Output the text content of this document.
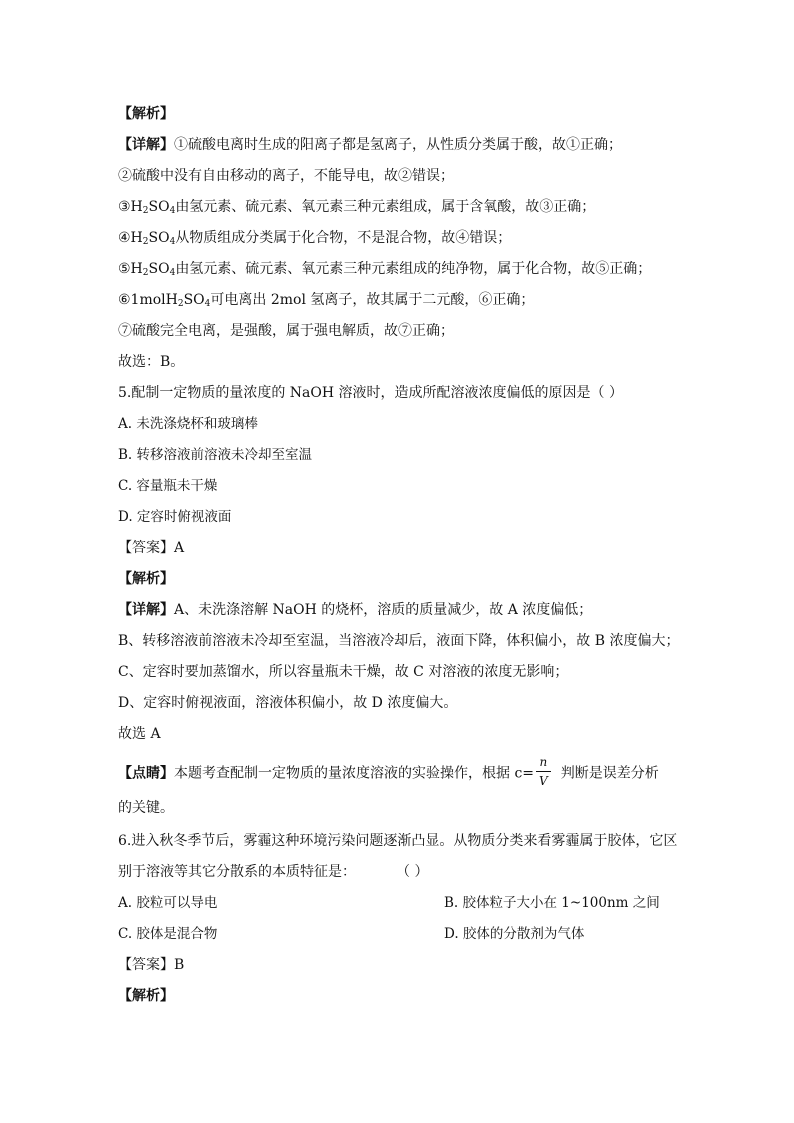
【解析】
【详解】①硫酸电离时生成的阳离子都是氢离子，从性质分类属于酸，故①正确；
②硫酸中没有自由移动的离子，不能导电，故②错误；
$③H_2SO_4$由氢元素、硫元素、氧元素三种元素组成，属于含氧酸，故③正确；
$④H_2SO_4$从物质组成分类属于化合物，不是混合物，故④错误；
$⑤H_2SO_4$由氢元素、硫元素、氧元素三种元素组成的纯净物，属于化合物，故⑤正确；
$⑥1molH_2SO_4$可电离出 2mol 氢离子，故其属于二元酸，⑥正确；
⑦硫酸完全电离，是强酸，属于强电解质，故⑦正确；
故选：B。
5.配制一定物质的量浓度的 NaOH 溶液时，造成所配溶液浓度偏低的原因是（ ）
A. 未洗涤烧杯和玻璃棒
B. 转移溶液前溶液未冷却至室温
C. 容量瓶未干燥
D. 定容时俯视液面
【答案】A
【解析】
【详解】A、未洗涤溶解 NaOH 的烧杯，溶质的质量减少，故 A 浓度偏低；
B、转移溶液前溶液未冷却至室温，当溶液冷却后，液面下降，体积偏小，故 B 浓度偏大；
C、定容时要加蒸馏水，所以容量瓶未干燥，故 C 对溶液的浓度无影响；
D、定容时俯视液面，溶液体积偏小，故 D 浓度偏大。
故选 A
【点睛】本题考查配制一定物质的量浓度溶液的实验操作，根据 $c= \frac{n}{V}$ 判断是误差分析
的关键。
6.进入秋冬季节后，雾霾这种环境污染问题逐渐凸显。从物质分类来看雾霾属于胶体，它区
别于溶液等其它分散系的本质特征是：	（ ）
A. 胶粒可以导电	B. 胶体粒子大小在 1~100nm 之间
C. 胶体是混合物	D. 胶体的分散剂为气体
【答案】B
【解析】
